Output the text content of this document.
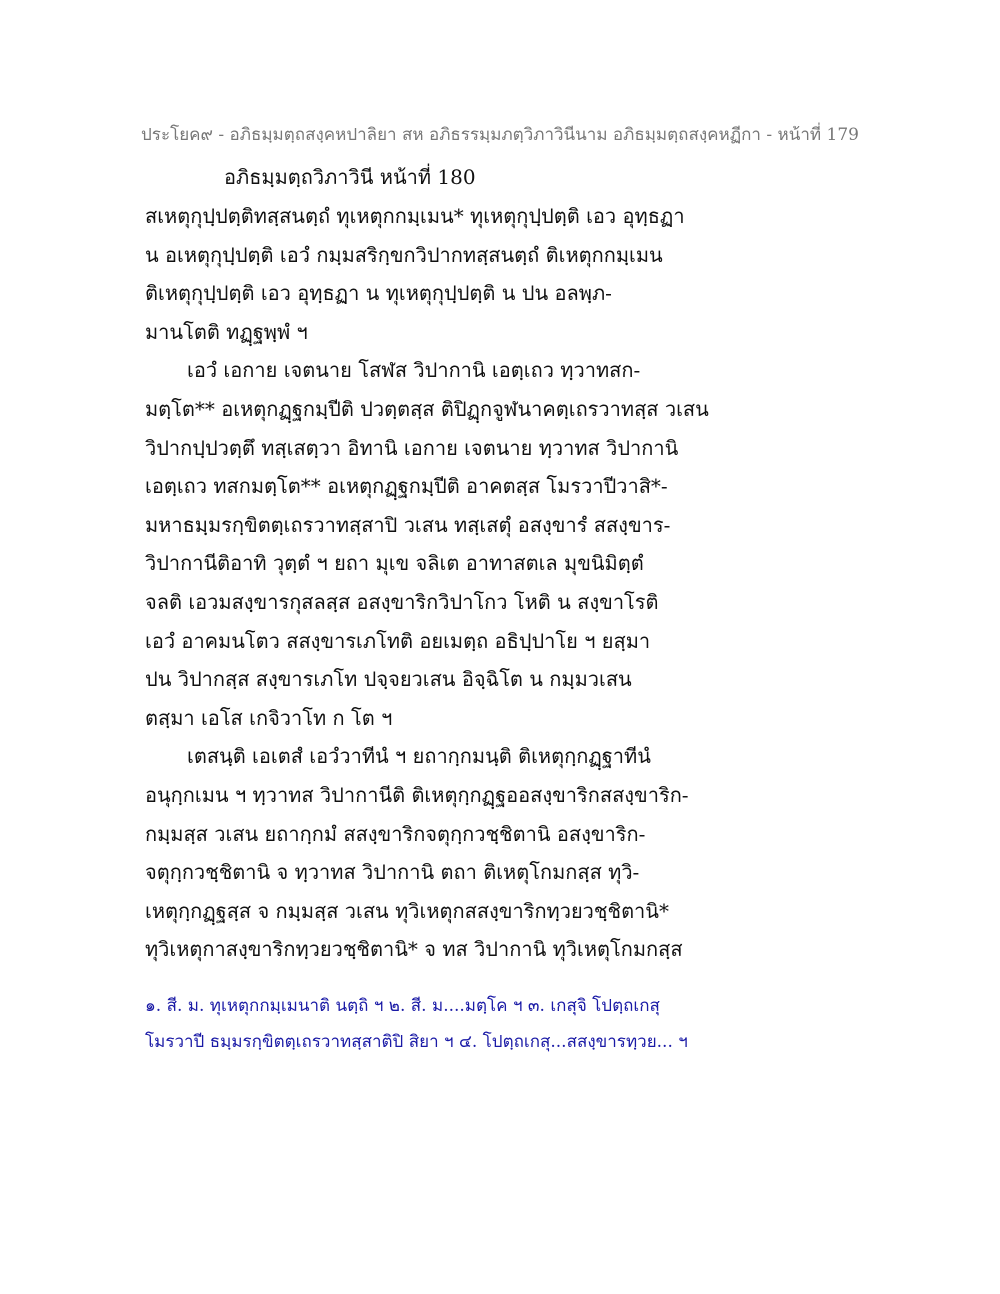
ประโยค๙ - อภิธมฺมตฺถสงฺคหปาลิยา สห อภิธรรมฺมภตฺวิภาวินีนาม อภิธมฺมตฺถสงฺคหฏีกา - หน้าที่ 179
อภิธมฺมตฺถวิภาวินี หน้าที่ 180
สเหตุกุปฺปตฺติทสฺสนตฺถํ ทุเหตุกกมฺเมน* ทุเหตุกุปฺปตฺติ เอว อุทฺธฏา
น อเหตุกุปฺปตฺติ เอวํ กมฺมสริกฺขกวิปากทสฺสนตฺถํ ติเหตุกกมฺเมน
ติเหตุกุปฺปตฺติ เอว อุทฺธฏา น ทุเหตุกุปฺปตฺติ น ปน อลพฺภ-
มานโตติ ทฏฺฐพฺพํ ฯ
เอวํ เอกาย เจตนาย โสฬส วิปากานิ เอตฺเถว ทฺวาทสก-
มตฺโต** อเหตุกฏฺฐกมฺปีติ ปวตฺตสฺส ติปิฏฺกจูฬนาคตฺเถรวาทสฺส วเสน
วิปากปฺปวตฺตึ ทสฺเสตฺวา อิทานิ เอกาย เจตนาย ทฺวาทส วิปากานิ
เอตฺเถว ทสกมตฺโต** อเหตุกฏฺฐกมฺปีติ อาคตสฺส โมรวาปีวาสิ*-
มหาธมฺมรกฺขิตตฺเถรวาทสฺสาปิ วเสน ทสฺเสตุํ อสงฺขารํ สสงฺขาร-
วิปากานีติอาทิ วุตฺตํ ฯ ยถา มุเข จลิเต อาทาสตเล มุขนิมิตฺตํ
จลติ เอวมสงฺขารกุสลสฺส อสงฺขาริกวิปาโกว โหติ น สงฺขาโรติ
เอวํ อาคมนโตว สสงฺขารเภโทติ อยเมตฺถ อธิปฺปาโย ฯ ยสฺมา
ปน วิปากสฺส สงฺขารเภโท ปจฺจยวเสน อิจฺฉิโต น กมฺมวเสน
ตสฺมา เอโส เกจิวาโท ก โต ฯ
เตสนฺติ เอเตสํ เอวํวาทีนํ ฯ ยถากฺกมนฺติ ติเหตุกฺกฏฺฐาทีนํ
อนุกฺกเมน ฯ ทฺวาทส วิปากานีติ ติเหตุกฺกฏฺฐออสงฺขาริกสสงฺขาริก-
กมฺมสฺส วเสน ยถากฺกมํ สสงฺขาริกจตุกฺกวชฺชิตานิ อสงฺขาริก-
จตุกฺกวชฺชิตานิ จ ทฺวาทส วิปากานิ ตถา ติเหตุโกมกสฺส ทุวิ-
เหตุกฺกฏฺฐสฺส จ กมฺมสฺส วเสน ทุวิเหตุกสสงฺขาริกทฺวยวชฺชิตานิ*
ทุวิเหตุกาสงฺขาริกทฺวยวชฺชิตานิ* จ ทส วิปากานิ ทุวิเหตุโกมกสฺส
๑. สี. ม. ทุเหตุกกมฺเมนาติ นตฺถิ ฯ ๒. สี. ม....มตฺโค ฯ ๓. เกสุจิ โปตฺถเกสุ
โมรวาปี ธมฺมรกฺขิตตฺเถรวาทสฺสาติปิ สิยา ฯ ๔. โปตฺถเกสุ...สสงฺขารทฺวย... ฯ
